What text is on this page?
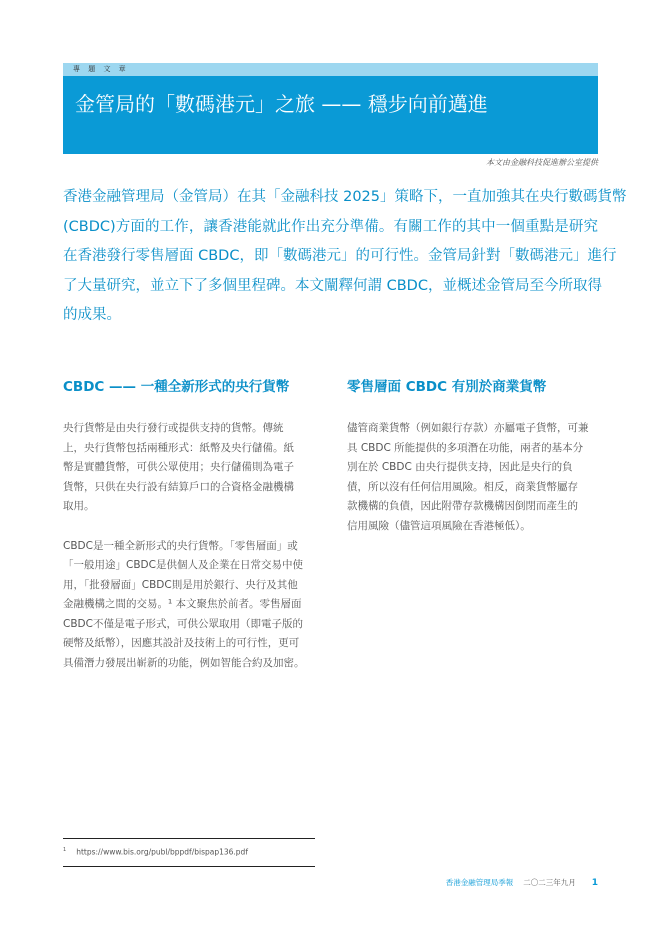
專 題 文 章
金管局的「數碼港元」之旅 —— 穩步向前邁進
本文由金融科技促進辦公室提供
香港金融管理局（金管局）在其「金融科技 2025」策略下，一直加強其在央行數碼貨幣
(CBDC)方面的工作，讓香港能就此作出充分準備。有關工作的其中一個重點是研究
在香港發行零售層面 CBDC，即「數碼港元」的可行性。金管局針對「數碼港元」進行
了大量研究，並立下了多個里程碑。本文闡釋何謂 CBDC，並概述金管局至今所取得
的成果。
CBDC —— 一種全新形式的央行貨幣

央行貨幣是由央行發行或提供支持的貨幣。傳統
上，央行貨幣包括兩種形式：紙幣及央行儲備。紙
幣是實體貨幣，可供公眾使用；央行儲備則為電子
貨幣，只供在央行設有結算戶口的合資格金融機構
取用。

CBDC是一種全新形式的央行貨幣。「零售層面」或
「一般用途」CBDC是供個人及企業在日常交易中使
用，「批發層面」CBDC則是用於銀行、央行及其他
金融機構之間的交易。¹ 本文聚焦於前者。零售層面
CBDC不僅是電子形式，可供公眾取用（即電子版的
硬幣及紙幣），因應其設計及技術上的可行性，更可
具備潛力發展出嶄新的功能，例如智能合約及加密。

零售層面 CBDC 有別於商業貨幣

儘管商業貨幣（例如銀行存款）亦屬電子貨幣，可兼
具 CBDC 所能提供的多項潛在功能，兩者的基本分
別在於 CBDC 由央行提供支持，因此是央行的負
債，所以沒有任何信用風險。相反，商業貨幣屬存
款機構的負債，因此附帶存款機構因倒閉而產生的
信用風險（儘管這項風險在香港極低）。

$^1$ https://www.bis.org/publ/bppdf/bispap136.pdf
香港金融管理局季報 二〇二三年九月 1
